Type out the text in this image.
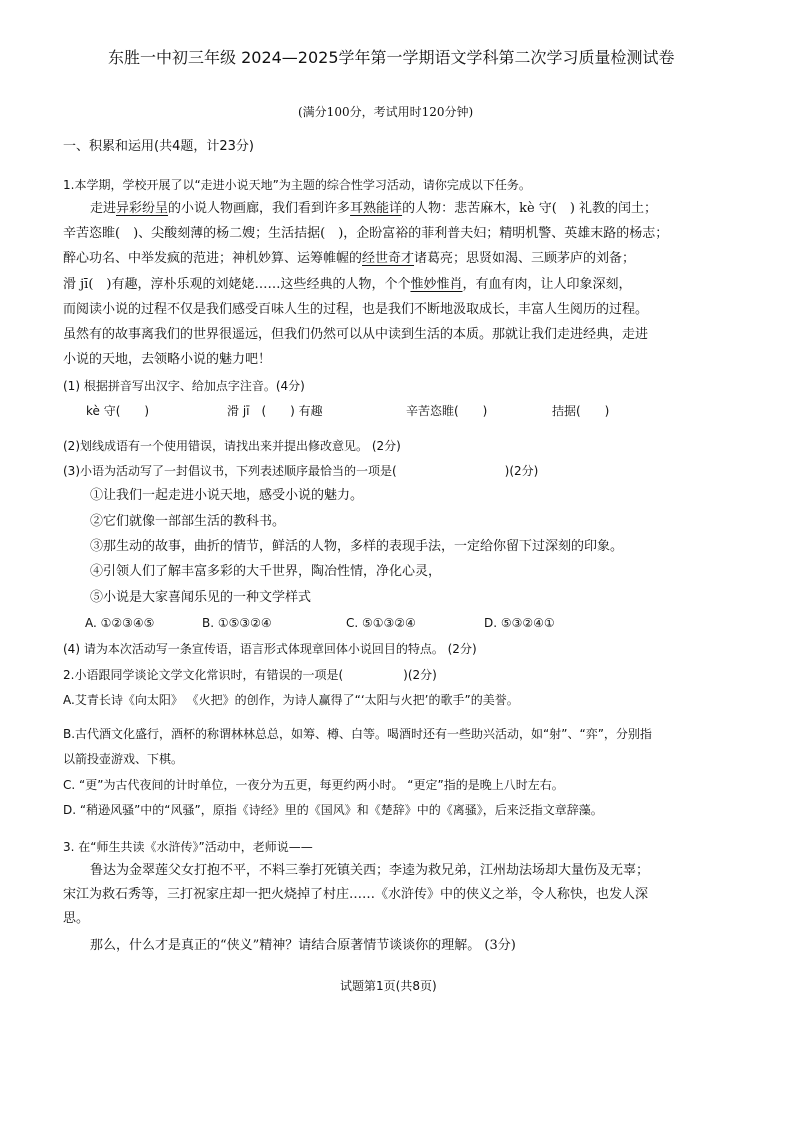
东胜一中初三年级 2024—2025学年第一学期语文学科第二次学习质量检测试卷
(满分100分，考试用时120分钟)
一、积累和运用(共4题，计23分)
1.本学期，学校开展了以“走进小说天地”为主题的综合性学习活动，请你完成以下任务。
走进异彩纷呈的小说人物画廊，我们看到许多耳熟能详的人物：悲苦麻木，kè 守(　) 礼教的闰土；
辛苦恣睢(　)、尖酸刻薄的杨二嫂；生活拮据(　)，企盼富裕的菲利普夫妇；精明机警、英雄末路的杨志；
醉心功名、中举发疯的范进；神机妙算、运筹帷幄的经世奇才诸葛亮；思贤如渴、三顾茅庐的刘备；
滑 jī(　)有趣，淳朴乐观的刘姥姥……这些经典的人物，个个惟妙惟肖，有血有肉，让人印象深刻，
而阅读小说的过程不仅是我们感受百味人生的过程，也是我们不断地汲取成长，丰富人生阅历的过程。
虽然有的故事离我们的世界很遥远，但我们仍然可以从中读到生活的本质。那就让我们走进经典，走进
小说的天地，去领略小说的魅力吧！
(1) 根据拼音写出汉字、给加点字注音。(4分)
kè 守(　　)	滑 jī　(　　) 有趣	辛苦恣睢(　　)	拮据(　　)
(2)划线成语有一个使用错误，请找出来并提出修改意见。 (2分)
(3)小语为活动写了一封倡议书，下列表述顺序最恰当的一项是(　　　　　　　　　)(2分)
①让我们一起走进小说天地，感受小说的魅力。
②它们就像一部部生活的教科书。
③那生动的故事，曲折的情节，鲜活的人物，多样的表现手法，一定给你留下过深刻的印象。
④引领人们了解丰富多彩的大千世界，陶冶性情，净化心灵，
⑤小说是大家喜闻乐见的一种文学样式
A. ①②③④⑤	B. ①⑤③②④	C. ⑤①③②④	D. ⑤③②④①
(4) 请为本次活动写一条宣传语，语言形式体现章回体小说回目的特点。 (2分)
2.小语跟同学谈论文学文化常识时，有错误的一项是(　　　　　)(2分)
A.艾青长诗《向太阳》 《火把》的创作，为诗人赢得了“‘太阳与火把’的歌手”的美誉。
B.古代酒文化盛行，酒杯的称谓林林总总，如筹、樽、白等。喝酒时还有一些助兴活动，如“射”、“弈”，分别指
以箭投壶游戏、下棋。
C. “更”为古代夜间的计时单位，一夜分为五更，每更约两小时。 “更定”指的是晚上八时左右。
D. “稍逊风骚”中的“风骚”，原指《诗经》里的《国风》和《楚辞》中的《离骚》，后来泛指文章辞藻。
3. 在“师生共读《水浒传》”活动中，老师说——
鲁达为金翠莲父女打抱不平，不料三拳打死镇关西；李逵为救兄弟，江州劫法场却大量伤及无辜；
宋江为救石秀等，三打祝家庄却一把火烧掉了村庄……《水浒传》中的侠义之举，令人称快，也发人深
思。
那么，什么才是真正的“侠义”精神？请结合原著情节谈谈你的理解。 (3分)
试题第1页(共8页)
